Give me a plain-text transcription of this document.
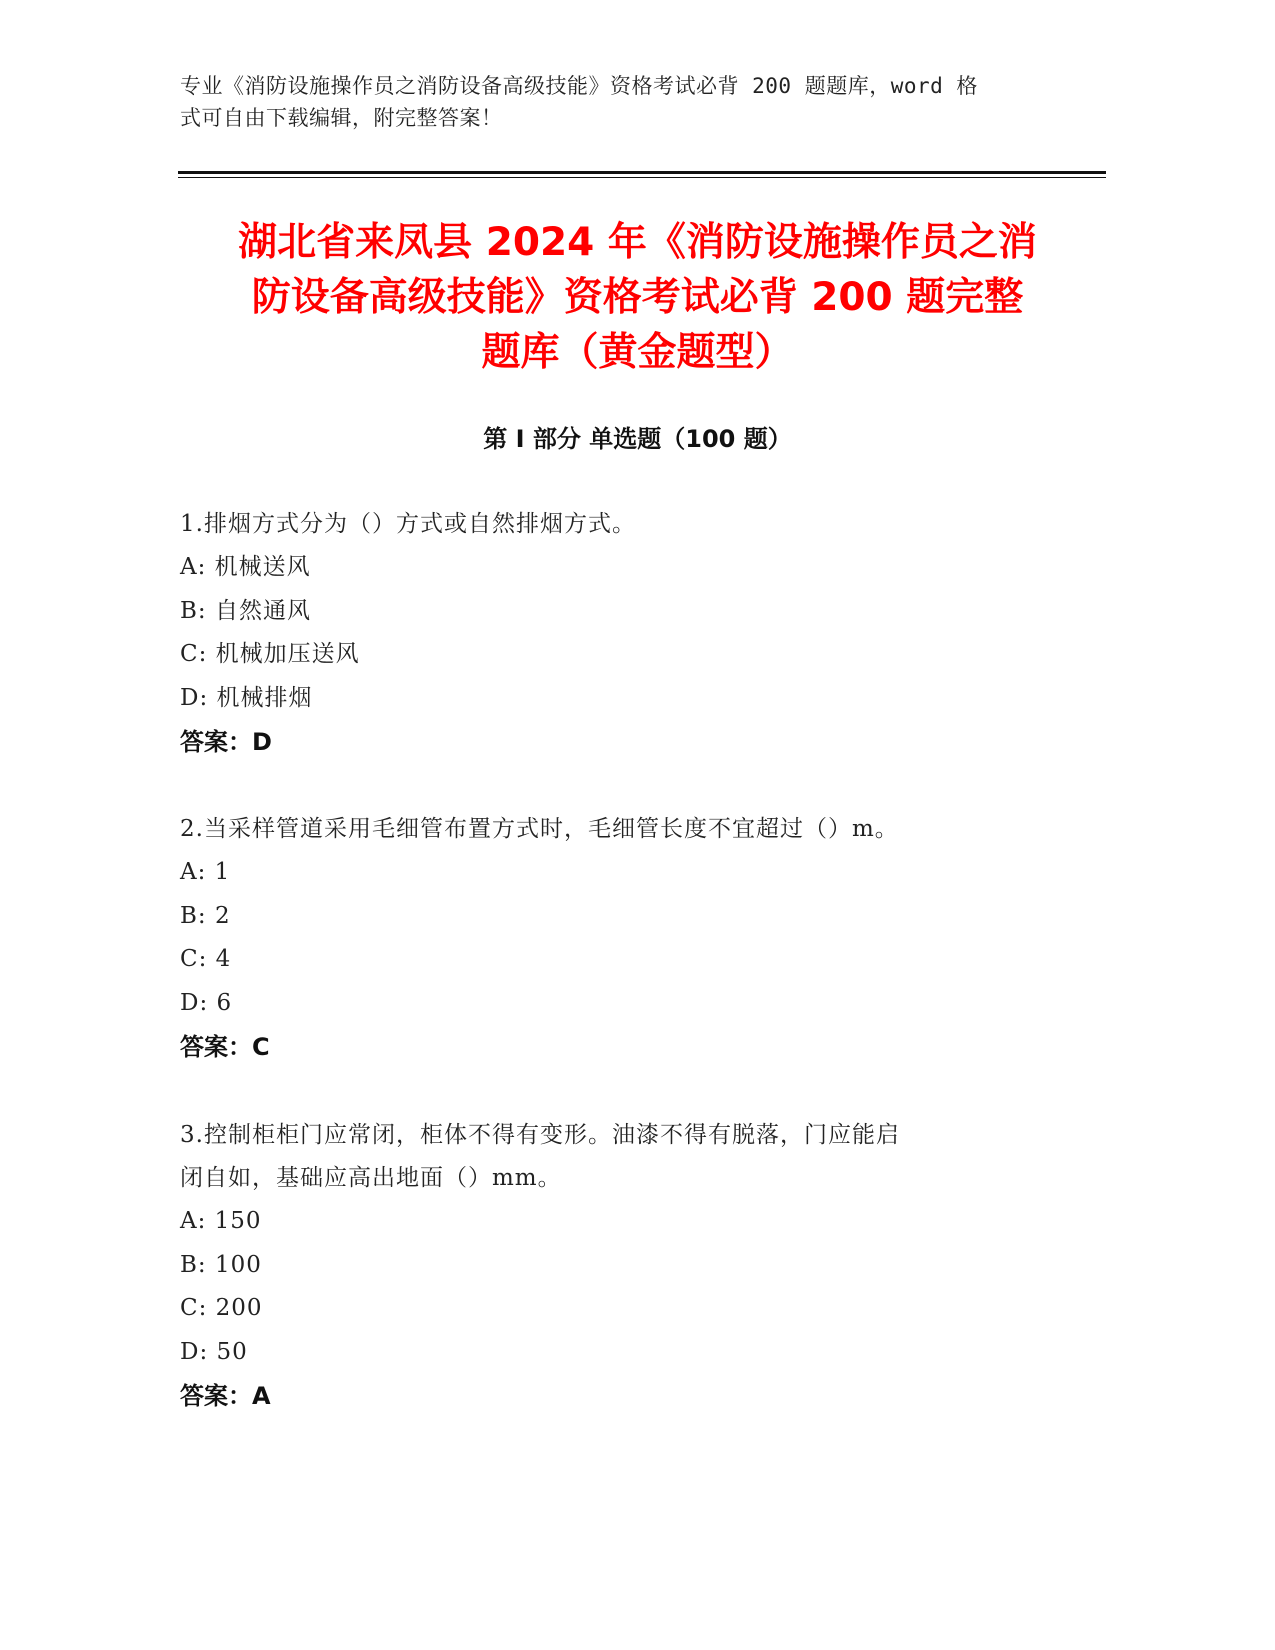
专业《消防设施操作员之消防设备高级技能》资格考试必背 200 题题库，word 格
式可自由下载编辑，附完整答案！
湖北省来凤县 2024 年《消防设施操作员之消
防设备高级技能》资格考试必背 200 题完整
题库（黄金题型）
第 I 部分 单选题（100 题）
1.排烟方式分为（）方式或自然排烟方式。
A: 机械送风
B: 自然通风
C: 机械加压送风
D: 机械排烟
答案：D
2.当采样管道采用毛细管布置方式时，毛细管长度不宜超过（）m。
A: 1
B: 2
C: 4
D: 6
答案：C
3.控制柜柜门应常闭，柜体不得有变形。油漆不得有脱落，门应能启
闭自如，基础应高出地面（）mm。
A: 150
B: 100
C: 200
D: 50
答案：A
